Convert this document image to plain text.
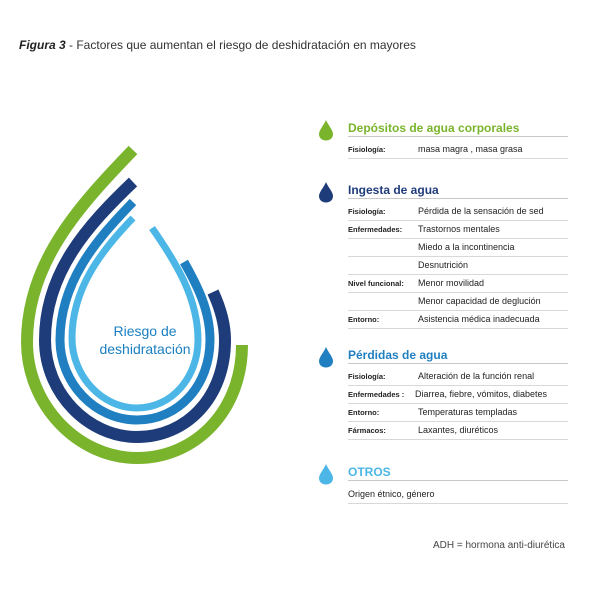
Figura 3 - Factores que aumentan el riesgo de deshidratación en mayores
Riesgo de
deshidratación
Depósitos de agua corporales
Fisiología:	masa magra , masa grasa
Ingesta de agua
Fisiología:	Pérdida de la sensación de sed
Enfermedades: Trastornos mentales
Miedo a la incontinencia
Desnutrición
Nivel funcional: Menor movilidad
Menor capacidad de deglución
Entorno:	Asistencia médica inadecuada
Pérdidas de agua
Fisiología:	Alteración de la función renal
Enfermedades : Diarrea, fiebre, vómitos, diabetes
Entorno:	Temperaturas templadas
Fármacos:	Laxantes, diuréticos
OTROS
Origen étnico, género
ADH = hormona anti-diurética
